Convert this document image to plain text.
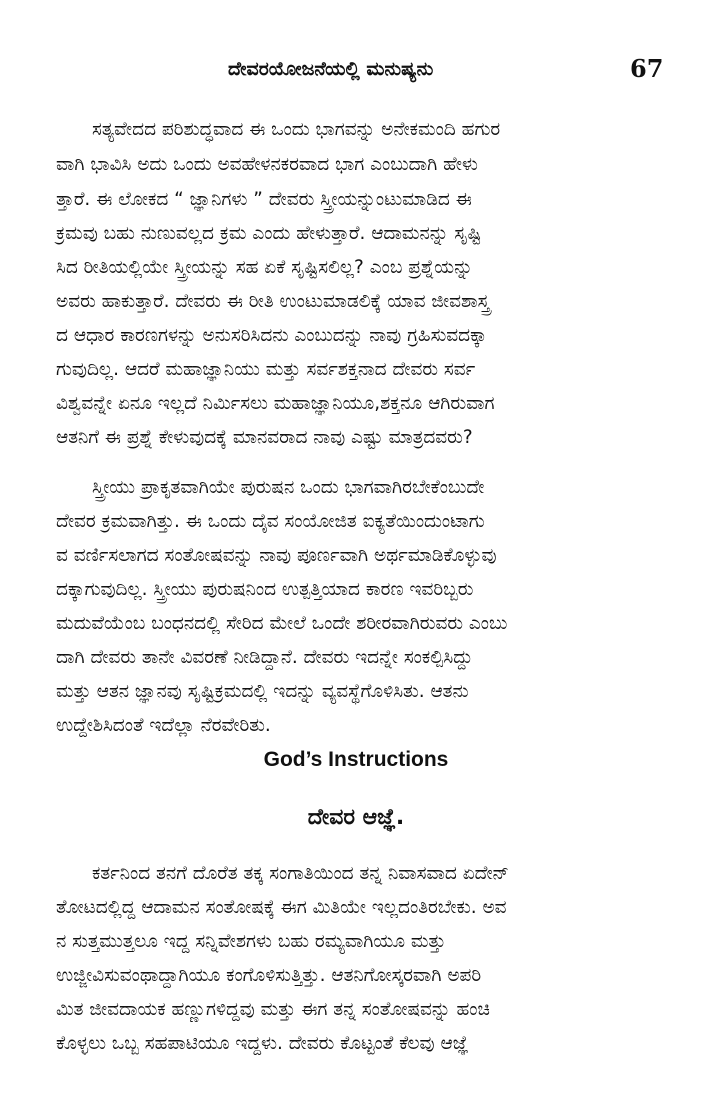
ದೇವರಯೋಜನೆಯಲ್ಲಿ ಮನುಷ್ಯನು	67
ಸತ್ಯವೇದದ ಪರಿಶುದ್ಧವಾದ ಈ ಒಂದು ಭಾಗವನ್ನು ಅನೇಕಮಂದಿ ಹಗುರ
ವಾಗಿ ಭಾವಿಸಿ ಅದು ಒಂದು ಅವಹೇಳನಕರವಾದ ಭಾಗ ಎಂಬುದಾಗಿ ಹೇಳು
ತ್ತಾರೆ. ಈ ಲೋಕದ “ ಜ್ಞಾನಿಗಳು ” ದೇವರು ಸ್ತ್ರೀಯನ್ನುಂಟುಮಾಡಿದ ಈ
ಕ್ರಮವು ಬಹು ನುಣುವಲ್ಲದ ಕ್ರಮ ಎಂದು ಹೇಳುತ್ತಾರೆ. ಆದಾಮನನ್ನು ಸೃಷ್ಟಿ
ಸಿದ ರೀತಿಯಲ್ಲಿಯೇ ಸ್ತ್ರೀಯನ್ನು ಸಹ ಏಕೆ ಸೃಷ್ಟಿಸಲಿಲ್ಲ? ಎಂಬ ಪ್ರಶ್ನೆಯನ್ನು
ಅವರು ಹಾಕುತ್ತಾರೆ. ದೇವರು ಈ ರೀತಿ ಉಂಟುಮಾಡಲಿಕ್ಕೆ ಯಾವ ಜೀವಶಾಸ್ತ್ರ
ದ ಆಧಾರ ಕಾರಣಗಳನ್ನು ಅನುಸರಿಸಿದನು ಎಂಬುದನ್ನು ನಾವು ಗ್ರಹಿಸುವದಕ್ಕಾ
ಗುವುದಿಲ್ಲ. ಆದರೆ ಮಹಾಜ್ಞಾನಿಯು ಮತ್ತು ಸರ್ವಶಕ್ತನಾದ ದೇವರು ಸರ್ವ
ವಿಶ್ವವನ್ನೇ ಏನೂ ಇಲ್ಲದೆ ನಿರ್ಮಿಸಲು ಮಹಾಜ್ಞಾನಿಯೂ,ಶಕ್ತನೂ ಆಗಿರುವಾಗ
ಆತನಿಗೆ ಈ ಪ್ರಶ್ನೆ ಕೇಳುವುದಕ್ಕೆ ಮಾನವರಾದ ನಾವು ಎಷ್ಟು ಮಾತ್ರದವರು?
ಸ್ತ್ರೀಯು ಪ್ರಾಕೃತವಾಗಿಯೇ ಪುರುಷನ ಒಂದು ಭಾಗವಾಗಿರಬೇಕೆಂಬುದೇ
ದೇವರ ಕ್ರಮವಾಗಿತ್ತು. ಈ ಒಂದು ದೈವ ಸಂಯೋಜಿತ ಐಕ್ಯತೆಯಿಂದುಂಟಾಗು
ವ ವರ್ಣಿಸಲಾಗದ ಸಂತೋಷವನ್ನು ನಾವು ಪೂರ್ಣವಾಗಿ ಅರ್ಥಮಾಡಿಕೊಳ್ಳುವು
ದಕ್ಕಾಗುವುದಿಲ್ಲ. ಸ್ತ್ರೀಯು ಪುರುಷನಿಂದ ಉತ್ಪತ್ತಿಯಾದ ಕಾರಣ ಇವರಿಬ್ಬರು
ಮದುವೆಯೆಂಬ ಬಂಧನದಲ್ಲಿ ಸೇರಿದ ಮೇಲೆ ಒಂದೇ ಶರೀರವಾಗಿರುವರು ಎಂಬು
ದಾಗಿ ದೇವರು ತಾನೇ ವಿವರಣೆ ನೀಡಿದ್ದಾನೆ. ದೇವರು ಇದನ್ನೇ ಸಂಕಲ್ಪಿಸಿದ್ದು
ಮತ್ತು ಆತನ ಜ್ಞಾನವು ಸೃಷ್ಟಿಕ್ರಮದಲ್ಲಿ ಇದನ್ನು ವ್ಯವಸ್ಥೆಗೊಳಿಸಿತು. ಆತನು
ಉದ್ದೇಶಿಸಿದಂತೆ ಇದೆಲ್ಲಾ ನೆರವೇರಿತು.
God’s Instructions
ದೇವರ ಆಜ್ಞೆ.
ಕರ್ತನಿಂದ ತನಗೆ ದೊರೆತ ತಕ್ಕ ಸಂಗಾತಿಯಿಂದ ತನ್ನ ನಿವಾಸವಾದ ಏದೇನ್
ತೋಟದಲ್ಲಿದ್ದ ಆದಾಮನ ಸಂತೋಷಕ್ಕೆ ಈಗ ಮಿತಿಯೇ ಇಲ್ಲದಂತಿರಬೇಕು. ಅವ
ನ ಸುತ್ತಮುತ್ತಲೂ ಇದ್ದ ಸನ್ನಿವೇಶಗಳು ಬಹು ರಮ್ಯವಾಗಿಯೂ ಮತ್ತು
ಉಜ್ಜೀವಿಸುವಂಥಾದ್ದಾಗಿಯೂ ಕಂಗೊಳಿಸುತ್ತಿತ್ತು. ಆತನಿಗೋಸ್ಕರವಾಗಿ ಅಪರಿ
ಮಿತ ಜೀವದಾಯಕ ಹಣ್ಣುಗಳಿದ್ದವು ಮತ್ತು ಈಗ ತನ್ನ ಸಂತೋಷವನ್ನು ಹಂಚಿ
ಕೊಳ್ಳಲು ಒಬ್ಬ ಸಹಪಾಟಿಯೂ ಇದ್ದಳು. ದೇವರು ಕೊಟ್ಟಂತೆ ಕೆಲವು ಆಜ್ಞೆ
